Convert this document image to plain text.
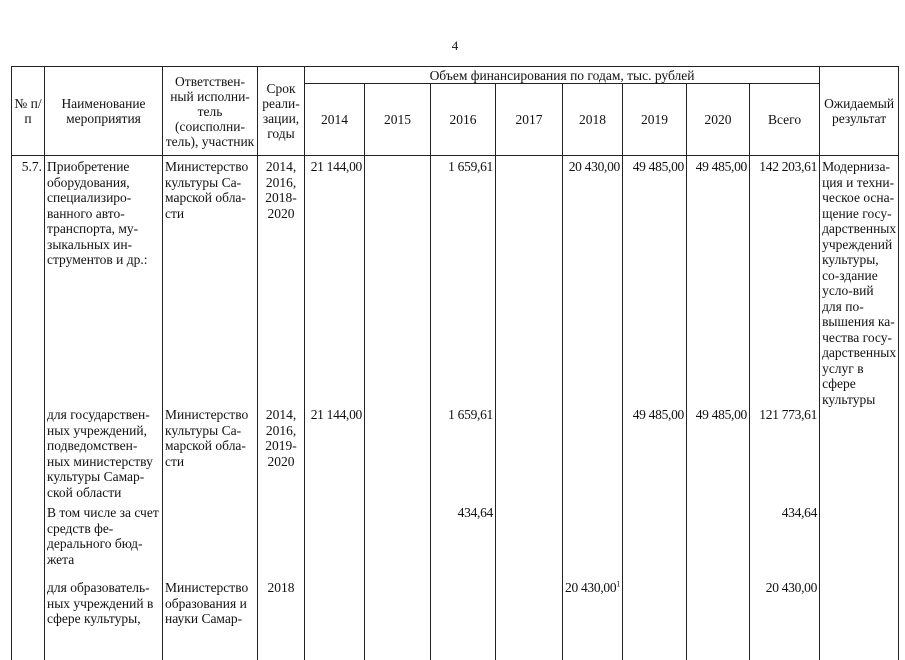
4
№ п/п	Наименование мероприятия	Ответствен-ный исполни-тель (соисполни-тель), участник	Срок реали-зации, годы	Объем финансирования по годам, тыс. рублей								Ожидаемый результат
				2014	2015	2016	2017	2018	2019	2020	Всего	
5.7.	Приобретение оборудования, специализиро-ванного авто-транспорта, му-зыкальных ин-струментов и др.:	Министерство культуры Са-марской обла-сти	2014, 2016, 2018-2020	21 144,00		1 659,61		20 430,00	49 485,00	49 485,00	142 203,61	Модерниза-ция и техни-ческое осна-щение госу-дарственных учреждений культуры, со-здание усло-вий для по-вышения ка-чества госу-дарственных услуг в сфере культуры
	для государствен-ных учреждений, подведомствен-ных министерству культуры Самар-ской области	Министерство культуры Са-марской обла-сти	2014, 2016, 2019-2020	21 144,00		1 659,61			49 485,00	49 485,00	121 773,61	
	В том числе за счет средств фе-дерального бюд-жета					434,64					434,64	
	для образователь-ных учреждений в сфере культуры,	Министерство образования и науки Самар-	2018					20 430,00$^1$			20 430,00	
